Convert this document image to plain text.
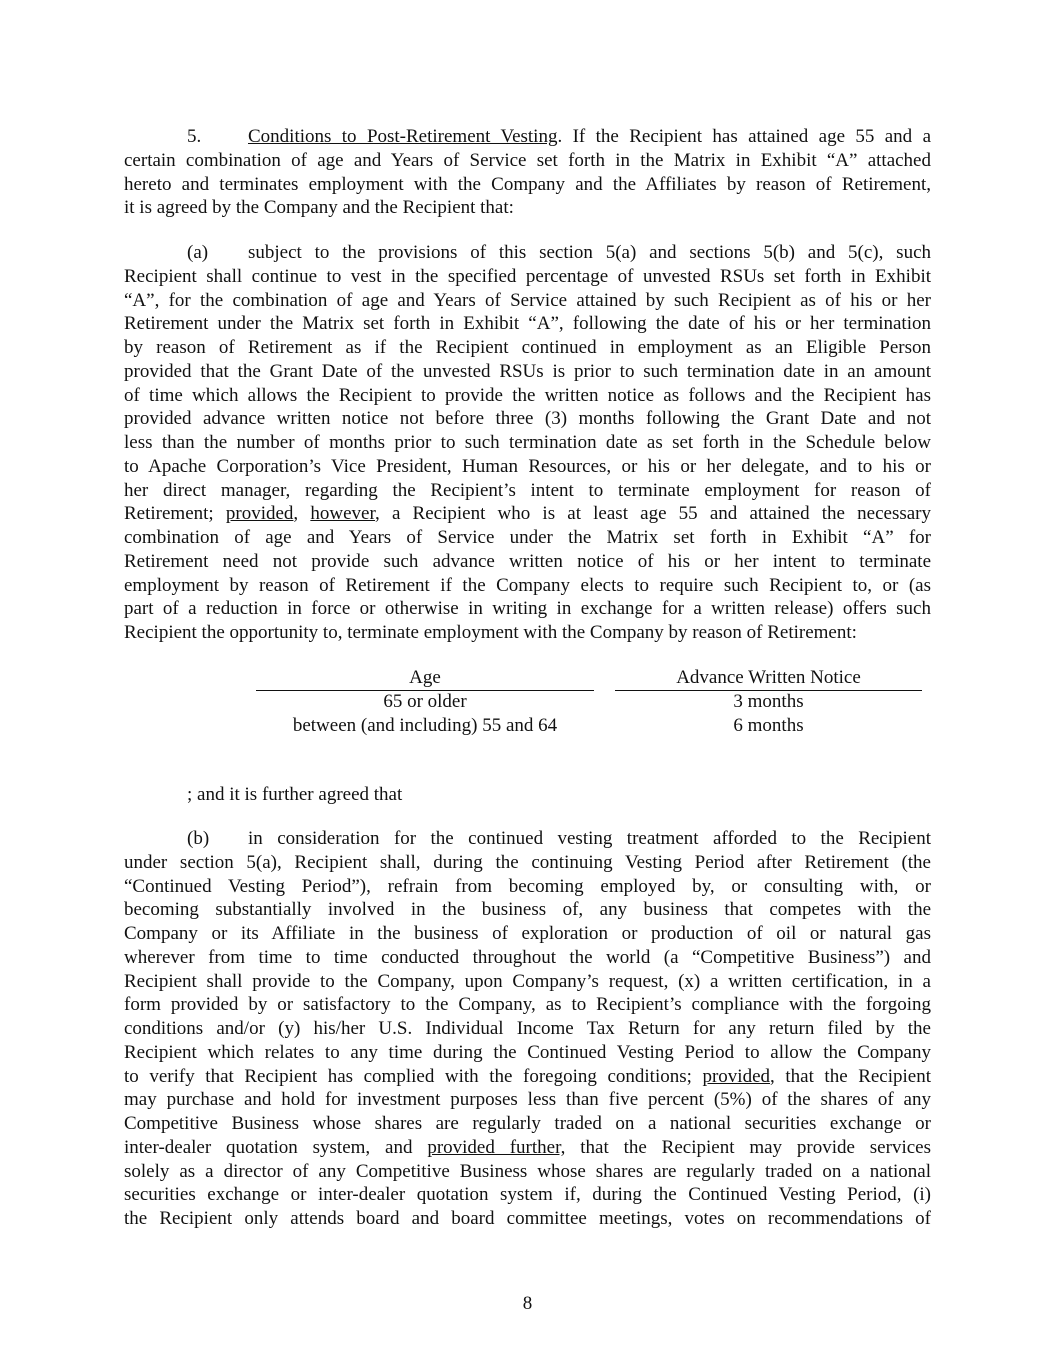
5. Conditions to Post-Retirement Vesting. If the Recipient has attained age 55 and a
certain combination of age and Years of Service set forth in the Matrix in Exhibit “A” attached
hereto and terminates employment with the Company and the Affiliates by reason of Retirement,
it is agreed by the Company and the Recipient that:
(a) subject to the provisions of this section 5(a) and sections 5(b) and 5(c), such
Recipient shall continue to vest in the specified percentage of unvested RSUs set forth in Exhibit
“A”, for the combination of age and Years of Service attained by such Recipient as of his or her
Retirement under the Matrix set forth in Exhibit “A”, following the date of his or her termination
by reason of Retirement as if the Recipient continued in employment as an Eligible Person
provided that the Grant Date of the unvested RSUs is prior to such termination date in an amount
of time which allows the Recipient to provide the written notice as follows and the Recipient has
provided advance written notice not before three (3) months following the Grant Date and not
less than the number of months prior to such termination date as set forth in the Schedule below
to Apache Corporation’s Vice President, Human Resources, or his or her delegate, and to his or
her direct manager, regarding the Recipient’s intent to terminate employment for reason of
Retirement; provided, however, a Recipient who is at least age 55 and attained the necessary
combination of age and Years of Service under the Matrix set forth in Exhibit “A” for
Retirement need not provide such advance written notice of his or her intent to terminate
employment by reason of Retirement if the Company elects to require such Recipient to, or (as
part of a reduction in force or otherwise in writing in exchange for a written release) offers such
Recipient the opportunity to, terminate employment with the Company by reason of Retirement:
Age	Advance Written Notice
65 or older	3 months
between (and including) 55 and 64	6 months
; and it is further agreed that
(b) in consideration for the continued vesting treatment afforded to the Recipient
under section 5(a), Recipient shall, during the continuing Vesting Period after Retirement (the
“Continued Vesting Period”), refrain from becoming employed by, or consulting with, or
becoming substantially involved in the business of, any business that competes with the
Company or its Affiliate in the business of exploration or production of oil or natural gas
wherever from time to time conducted throughout the world (a “Competitive Business”) and
Recipient shall provide to the Company, upon Company’s request, (x) a written certification, in a
form provided by or satisfactory to the Company, as to Recipient’s compliance with the forgoing
conditions and/or (y) his/her U.S. Individual Income Tax Return for any return filed by the
Recipient which relates to any time during the Continued Vesting Period to allow the Company
to verify that Recipient has complied with the foregoing conditions; provided, that the Recipient
may purchase and hold for investment purposes less than five percent (5%) of the shares of any
Competitive Business whose shares are regularly traded on a national securities exchange or
inter-dealer quotation system, and provided further, that the Recipient may provide services
solely as a director of any Competitive Business whose shares are regularly traded on a national
securities exchange or inter-dealer quotation system if, during the Continued Vesting Period, (i)
the Recipient only attends board and board committee meetings, votes on recommendations of
8
